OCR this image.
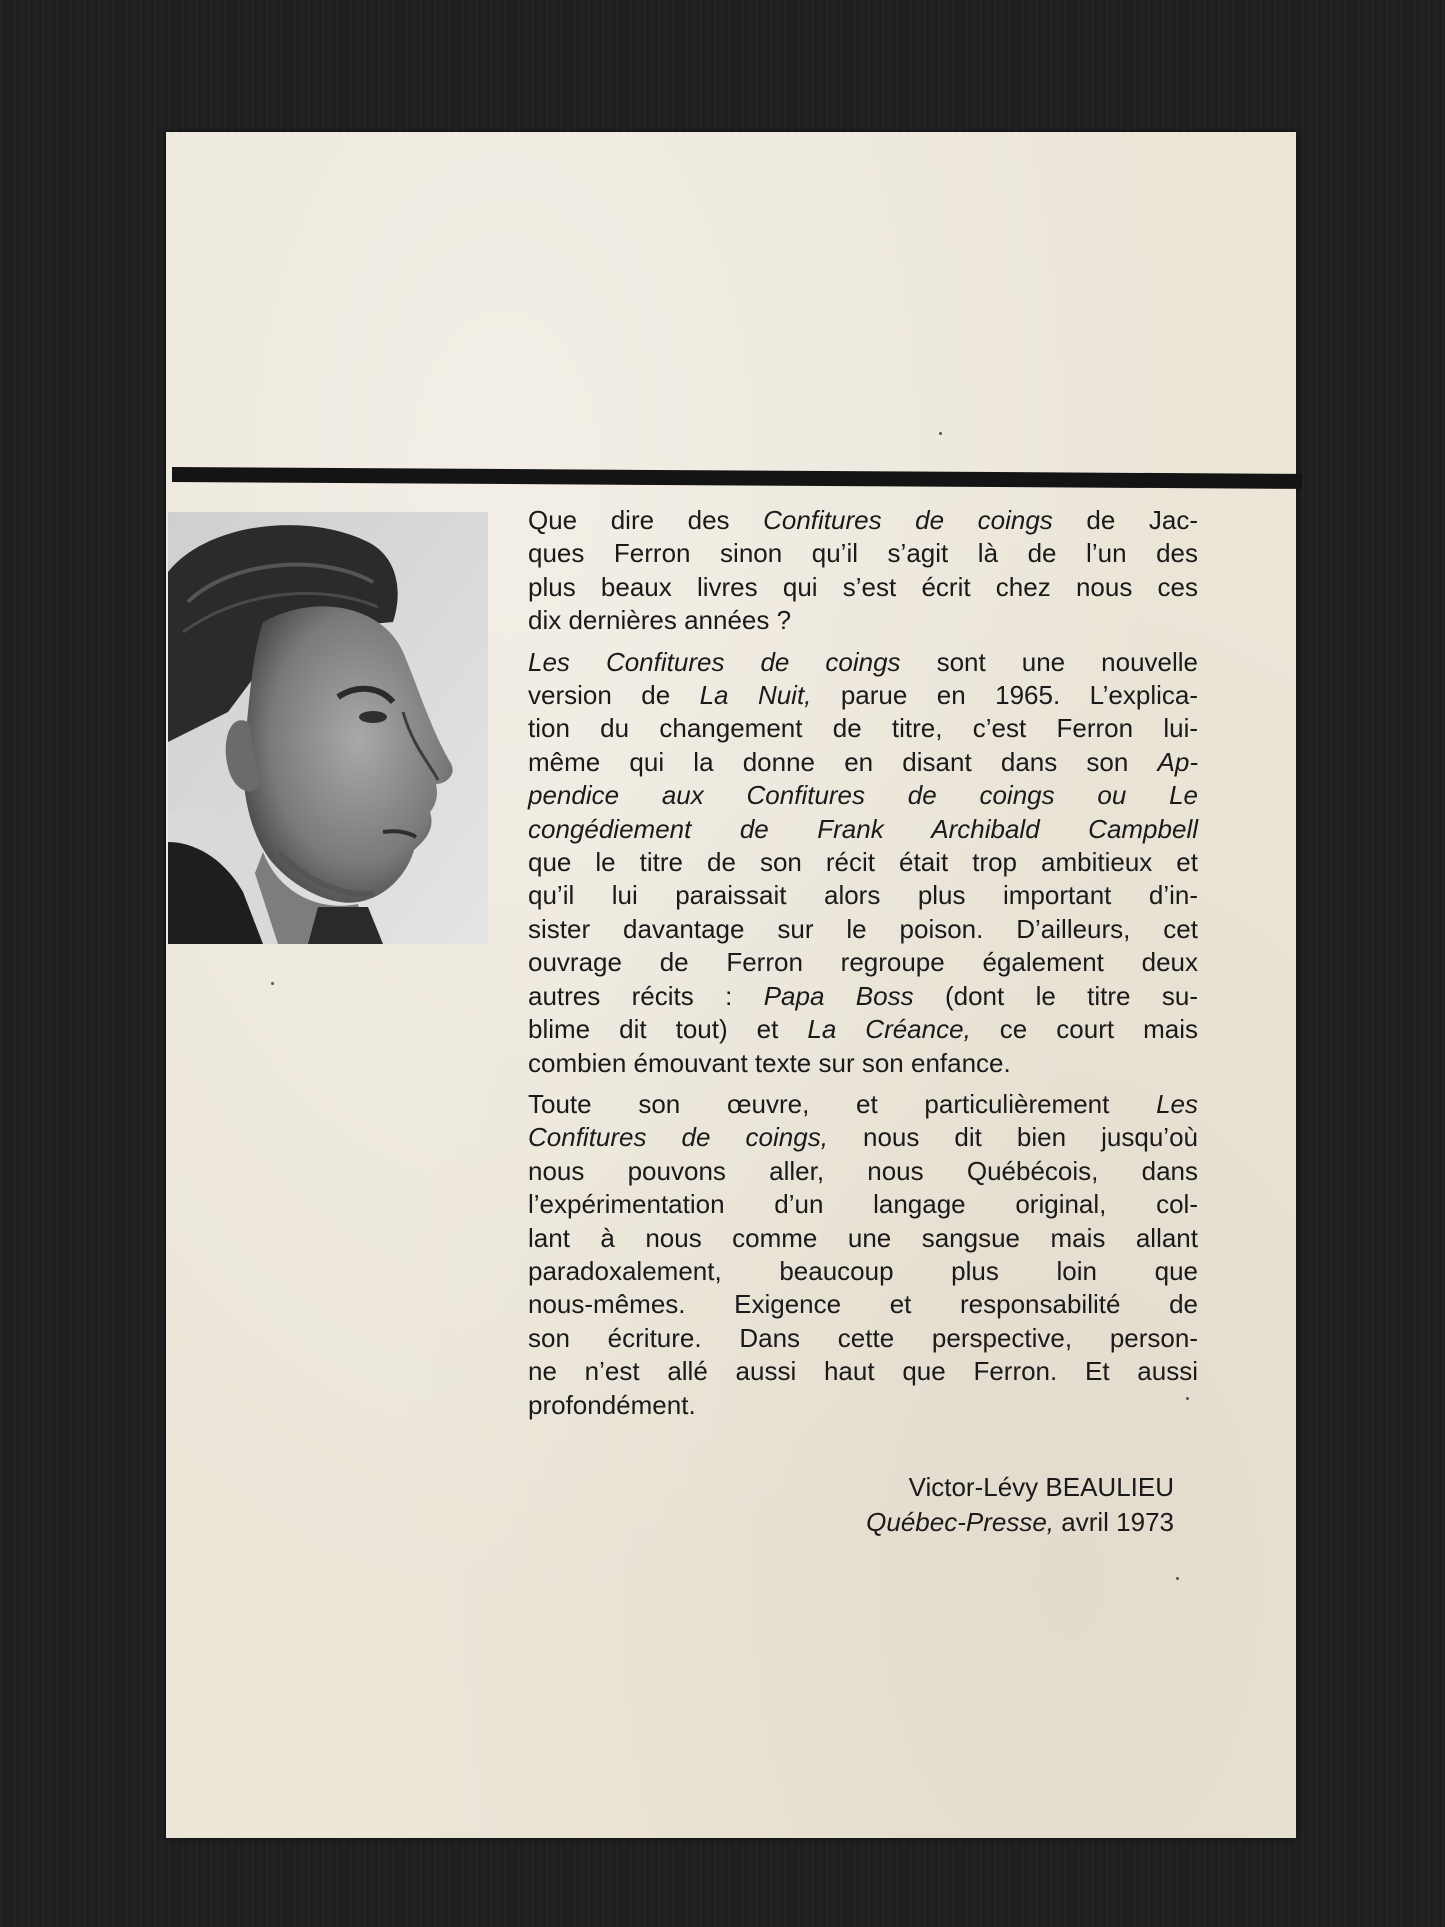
Que dire des Confitures de coings de Jac-
ques Ferron sinon qu’il s’agit là de l’un des
plus beaux livres qui s’est écrit chez nous ces
dix dernières années ?

Les Confitures de coings sont une nouvelle
version de La Nuit, parue en 1965. L’explica-
tion du changement de titre, c’est Ferron lui-
même qui la donne en disant dans son Ap-
pendice aux Confitures de coings ou Le
congédiement de Frank Archibald Campbell
que le titre de son récit était trop ambitieux et
qu’il lui paraissait alors plus important d’in-
sister davantage sur le poison. D’ailleurs, cet
ouvrage de Ferron regroupe également deux
autres récits : Papa Boss (dont le titre su-
blime dit tout) et La Créance, ce court mais
combien émouvant texte sur son enfance.

Toute son œuvre, et particulièrement Les
Confitures de coings, nous dit bien jusqu’où
nous pouvons aller, nous Québécois, dans
l’expérimentation d’un langage original, col-
lant à nous comme une sangsue mais allant
paradoxalement, beaucoup plus loin que
nous-mêmes. Exigence et responsabilité de
son écriture. Dans cette perspective, person-
ne n’est allé aussi haut que Ferron. Et aussi
profondément.

Victor-Lévy BEAULIEU
Québec-Presse, avril 1973
